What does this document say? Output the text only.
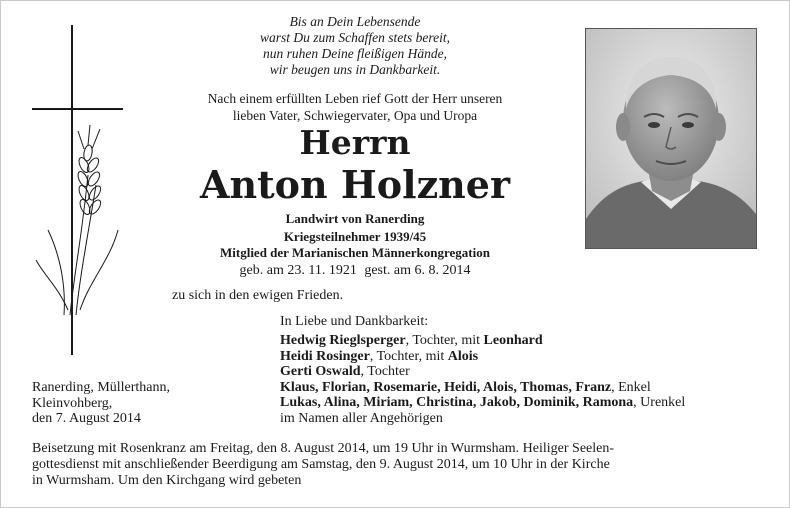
Bis an Dein Lebensende
warst Du zum Schaffen stets bereit,
nun ruhen Deine fleißigen Hände,
wir beugen uns in Dankbarkeit.
Nach einem erfüllten Leben rief Gott der Herr unseren
lieben Vater, Schwiegervater, Opa und Uropa
Herrn
Anton Holzner
Landwirt von Ranerding
Kriegsteilnehmer 1939/45
Mitglied der Marianischen Männerkongregation
geb. am 23. 11. 1921 gest. am 6. 8. 2014
zu sich in den ewigen Frieden.
In Liebe und Dankbarkeit:
Hedwig Rieglsperger, Tochter, mit Leonhard
Heidi Rosinger, Tochter, mit Alois
Gerti Oswald, Tochter
Klaus, Florian, Rosemarie, Heidi, Alois, Thomas, Franz, Enkel
Lukas, Alina, Miriam, Christina, Jakob, Dominik, Ramona, Urenkel
im Namen aller Angehörigen
Ranerding, Müllerthann,
Kleinvohberg,
den 7. August 2014
Beisetzung mit Rosenkranz am Freitag, den 8. August 2014, um 19 Uhr in Wurmsham. Heiliger Seelen-
gottesdienst mit anschließender Beerdigung am Samstag, den 9. August 2014, um 10 Uhr in der Kirche
in Wurmsham. Um den Kirchgang wird gebeten
